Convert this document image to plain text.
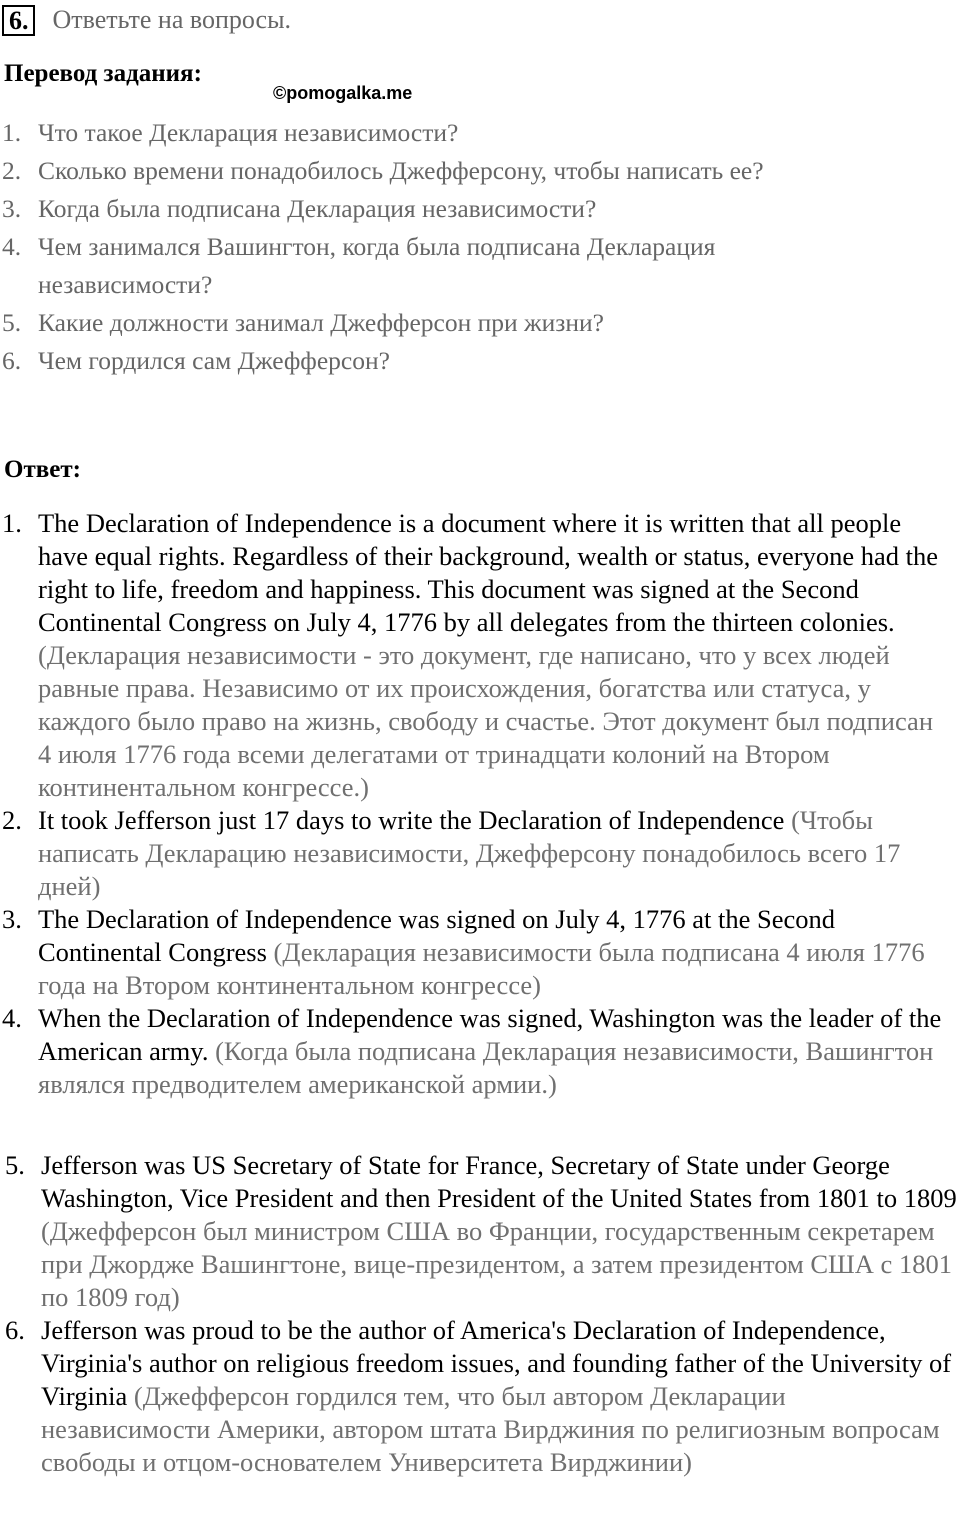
6. Ответьте на вопросы.
Перевод задания:
©pomogalka.me
1. Что такое Декларация независимости?
2. Сколько времени понадобилось Джефферсону, чтобы написать ее?
3. Когда была подписана Декларация независимости?
4. Чем занимался Вашингтон, когда была подписана Декларация независимости?
5. Какие должности занимал Джефферсон при жизни?
6. Чем гордился сам Джефферсон?
Ответ:
1. The Declaration of Independence is a document where it is written that all people have equal rights. Regardless of their background, wealth or status, everyone had the right to life, freedom and happiness. This document was signed at the Second Continental Congress on July 4, 1776 by all delegates from the thirteen colonies. (Декларация независимости - это документ, где написано, что у всех людей равные права. Независимо от их происхождения, богатства или статуса, у каждого было право на жизнь, свободу и счастье. Этот документ был подписан 4 июля 1776 года всеми делегатами от тринадцати колоний на Втором континентальном конгрессе.)
2. It took Jefferson just 17 days to write the Declaration of Independence (Чтобы написать Декларацию независимости, Джефферсону понадобилось всего 17 дней)
3. The Declaration of Independence was signed on July 4, 1776 at the Second Continental Congress (Декларация независимости была подписана 4 июля 1776 года на Втором континентальном конгрессе)
4. When the Declaration of Independence was signed, Washington was the leader of the American army. (Когда была подписана Декларация независимости, Вашингтон являлся предводителем американской армии.)
5. Jefferson was US Secretary of State for France, Secretary of State under George Washington, Vice President and then President of the United States from 1801 to 1809 (Джефферсон был министром США во Франции, государственным секретарем при Джордже Вашингтоне, вице-президентом, а затем президентом США с 1801 по 1809 год)
6. Jefferson was proud to be the author of America's Declaration of Independence, Virginia's author on religious freedom issues, and founding father of the University of Virginia (Джефферсон гордился тем, что был автором Декларации независимости Америки, автором штата Вирджиния по религиозным вопросам свободы и отцом-основателем Университета Вирджинии)
